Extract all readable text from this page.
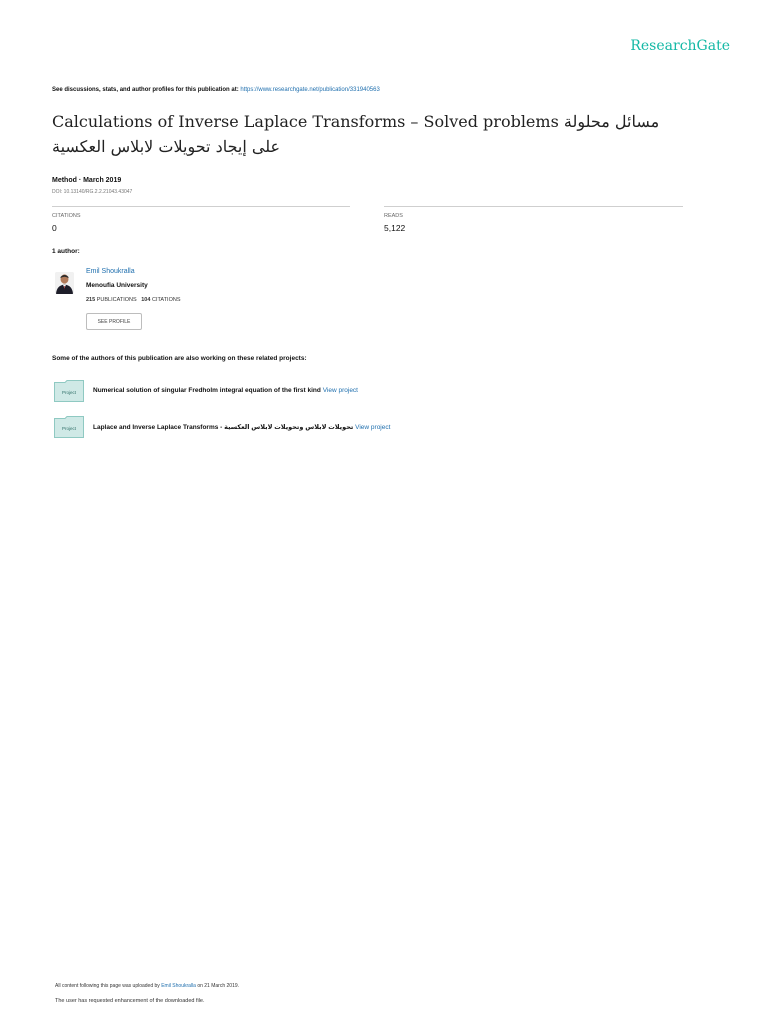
ResearchGate
See discussions, stats, and author profiles for this publication at: https://www.researchgate.net/publication/331940563
Calculations of Inverse Laplace Transforms – Solved problems مسائل محلولة على إيجاد تحويلات لابلاس العكسية
Method · March 2019
DOI: 10.13140/RG.2.2.21043.43047
CITATIONS
0
READS
5,122
1 author:
Emil Shoukralla
Menoufia University
215 PUBLICATIONS 104 CITATIONS
SEE PROFILE
Some of the authors of this publication are also working on these related projects:
Project	Numerical solution of singular Fredholm integral equation of the first kind View project
Project	Laplace and Inverse Laplace Transforms - تحويلات لابلاس وتحويلات لابلاس العكسية View project
All content following this page was uploaded by Emil Shoukralla on 21 March 2019.
The user has requested enhancement of the downloaded file.
